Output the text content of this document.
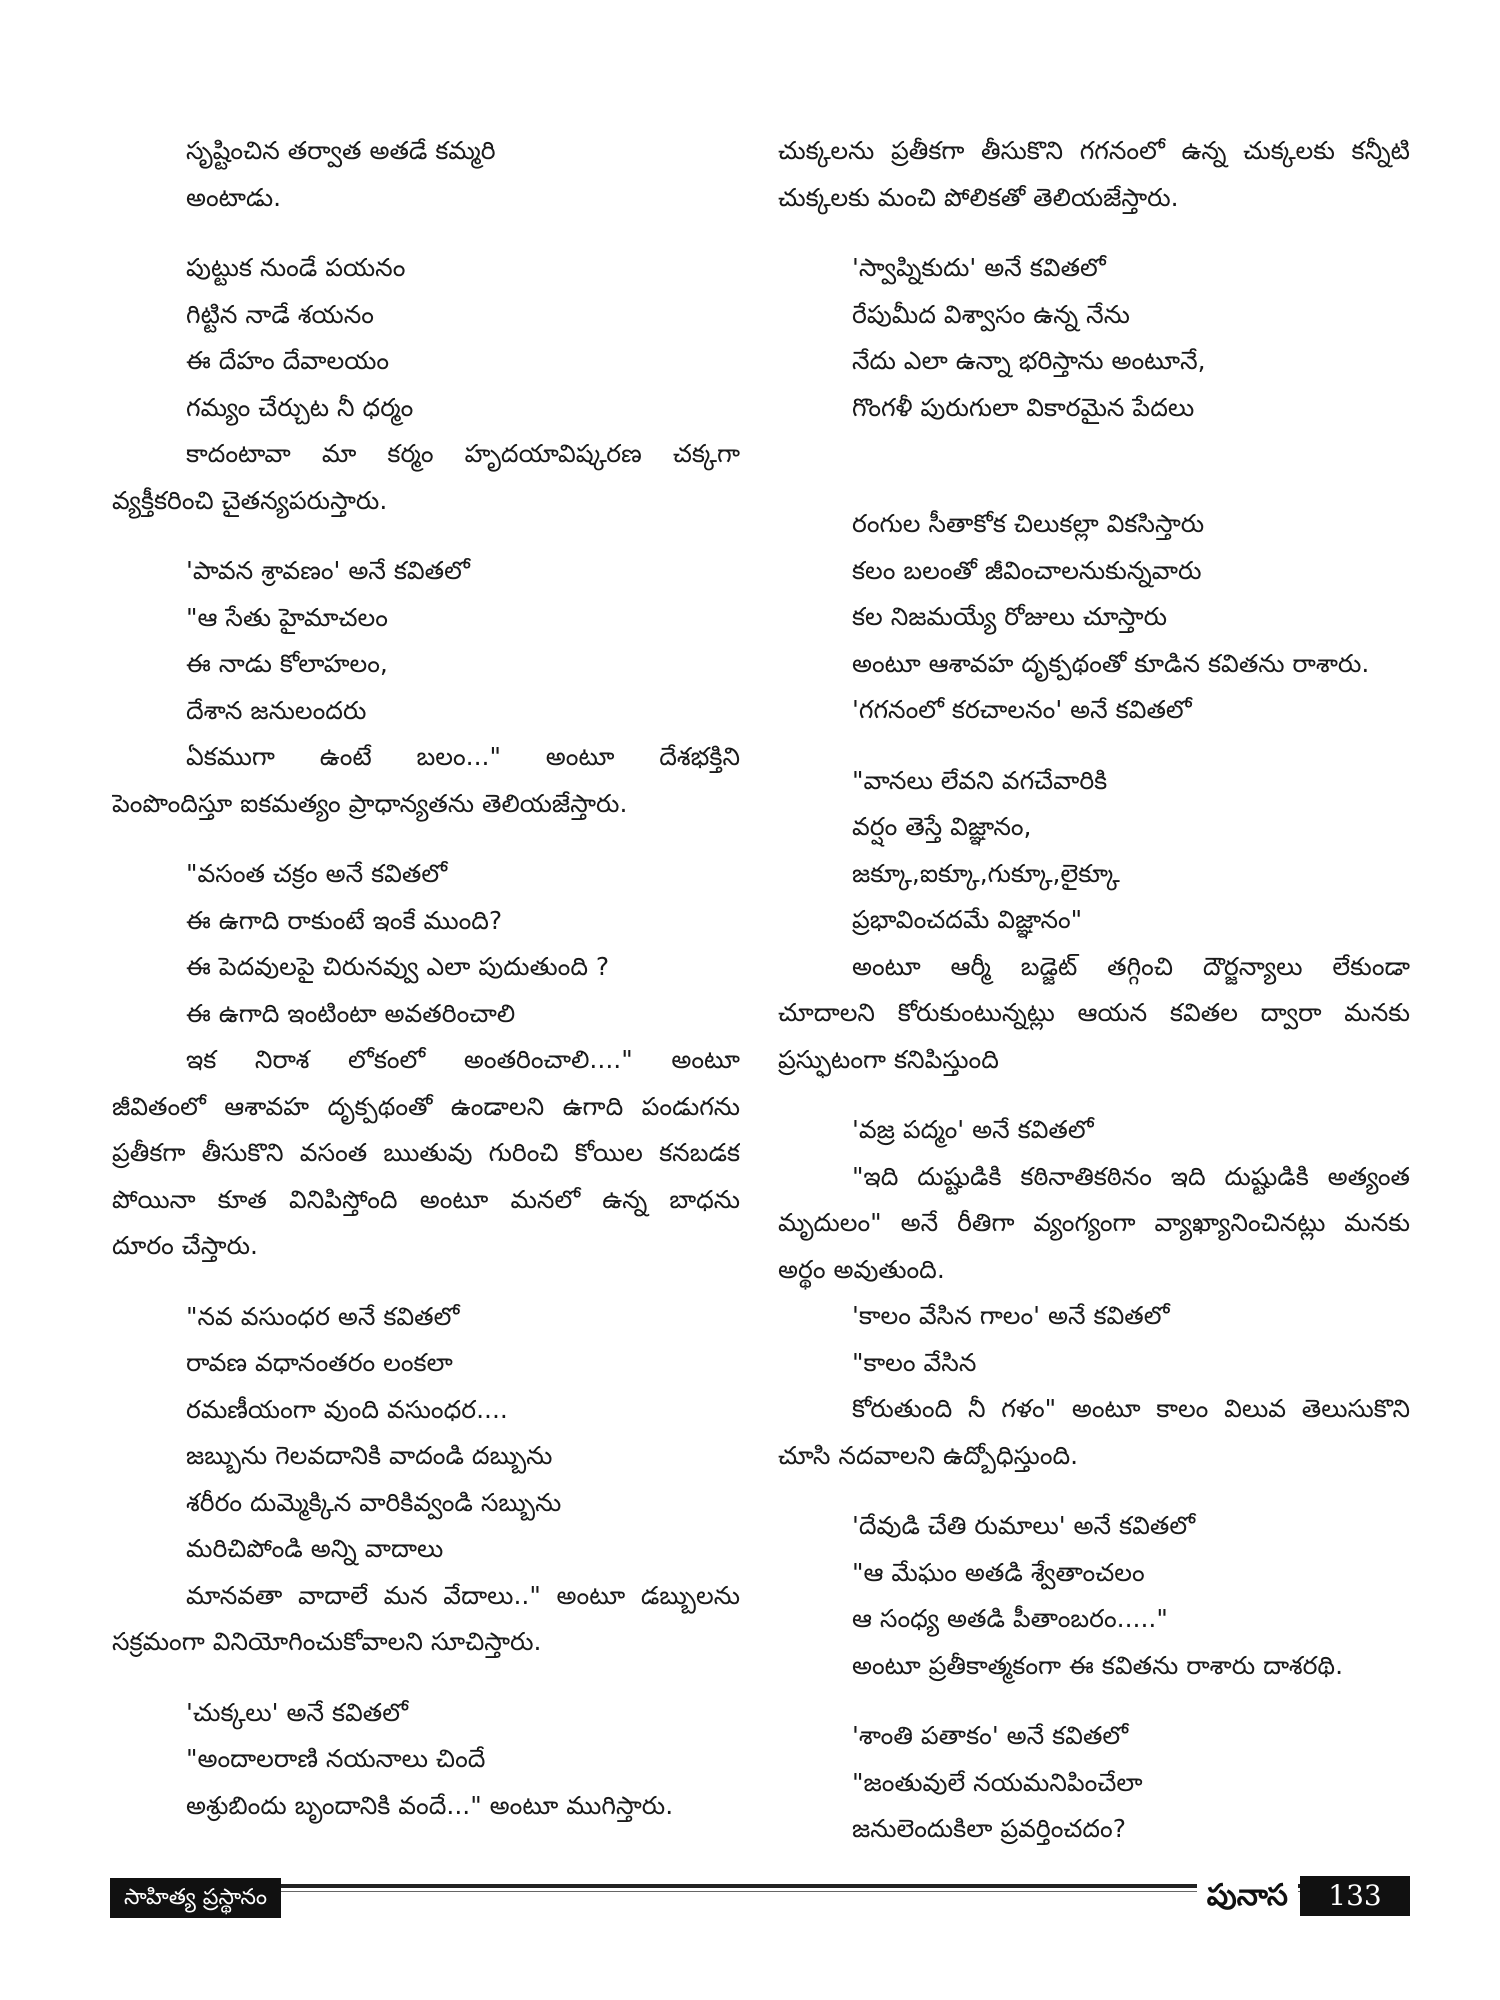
సృష్టించిన తర్వాత అతడే కమ్మరి
అంటాడు.
పుట్టుక నుండే పయనం
గిట్టిన నాడే శయనం
ఈ దేహం దేవాలయం
గమ్యం చేర్చుట నీ ధర్మం
కాదంటావా మా కర్మం హృదయావిష్కరణ చక్కగా
వ్యక్తీకరించి చైతన్యపరుస్తారు.
'పావన శ్రావణం' అనే కవితలో
"ఆ సేతు హైమాచలం
ఈ నాడు కోలాహలం,
దేశాన జనులందరు
ఏకముగా ఉంటే బలం..." అంటూ దేశభక్తిని
పెంపొందిస్తూ ఐకమత్యం ప్రాధాన్యతను తెలియజేస్తారు.
"వసంత చక్రం అనే కవితలో
ఈ ఉగాది రాకుంటే ఇంకే ముంది?
ఈ పెదవులపై చిరునవ్వు ఎలా పుదుతుంది ?
ఈ ఉగాది ఇంటింటా అవతరించాలి
ఇక నిరాశ లోకంలో అంతరించాలి...." అంటూ
జీవితంలో ఆశావహ దృక్పథంతో ఉండాలని ఉగాది పండుగను
ప్రతీకగా తీసుకొని వసంత ఋతువు గురించి కోయిల కనబడక
పోయినా కూత వినిపిస్తోంది అంటూ మనలో ఉన్న బాధను
దూరం చేస్తారు.
"నవ వసుంధర అనే కవితలో
రావణ వధానంతరం లంకలా
రమణీయంగా వుంది వసుంధర....
జబ్బును గెలవదానికి వాదండి దబ్బును
శరీరం దుమ్మెక్కిన వారికివ్వండి సబ్బును
మరిచిపోండి అన్ని వాదాలు
మానవతా వాదాలే మన వేదాలు.." అంటూ డబ్బులను
సక్రమంగా వినియోగించుకోవాలని సూచిస్తారు.
'చుక్కలు' అనే కవితలో
"అందాలరాణి నయనాలు చిందే
అశ్రుబిందు బృందానికి వందే..." అంటూ ముగిస్తారు.
చుక్కలను ప్రతీకగా తీసుకొని గగనంలో ఉన్న చుక్కలకు కన్నీటి
చుక్కలకు మంచి పోలికతో తెలియజేస్తారు.
'స్వాప్నికుదు' అనే కవితలో
రేపుమీద విశ్వాసం ఉన్న నేను
నేదు ఎలా ఉన్నా భరిస్తాను అంటూనే,
గొంగళీ పురుగులా వికారమైన పేదలు
రంగుల సీతాకోక చిలుకల్లా వికసిస్తారు
కలం బలంతో జీవించాలనుకున్నవారు
కల నిజమయ్యే రోజులు చూస్తారు
అంటూ ఆశావహ దృక్పథంతో కూడిన కవితను రాశారు.
'గగనంలో కరచాలనం' అనే కవితలో
"వానలు లేవని వగచేవారికి
వర్షం తెస్తే విజ్ఞానం,
జక్కూ,ఐక్కూ,గుక్కూ,లైక్కూ
ప్రభావించదమే విజ్ఞానం"
అంటూ ఆర్మీ బడ్జెట్ తగ్గించి దౌర్జన్యాలు లేకుండా
చూదాలని కోరుకుంటున్నట్లు ఆయన కవితల ద్వారా మనకు
ప్రస్ఫుటంగా కనిపిస్తుంది
'వజ్ర పద్మం' అనే కవితలో
"ఇది దుష్టుడికి కఠినాతికఠినం ఇది దుష్టుడికి అత్యంత
మృదులం" అనే రీతిగా వ్యంగ్యంగా వ్యాఖ్యానించినట్లు మనకు
అర్థం అవుతుంది.
'కాలం వేసిన గాలం' అనే కవితలో
"కాలం వేసిన
కోరుతుంది నీ గళం" అంటూ కాలం విలువ తెలుసుకొని
చూసి నదవాలని ఉద్బోధిస్తుంది.
'దేవుడి చేతి రుమాలు' అనే కవితలో
"ఆ మేఘం అతడి శ్వేతాంచలం
ఆ సంధ్య అతడి పీతాంబరం....."
అంటూ ప్రతీకాత్మకంగా ఈ కవితను రాశారు దాశరథి.
'శాంతి పతాకం' అనే కవితలో
"జంతువులే నయమనిపించేలా
జనులెందుకిలా ప్రవర్తించదం?
సాహిత్య ప్రస్థానం	పునాస	133
